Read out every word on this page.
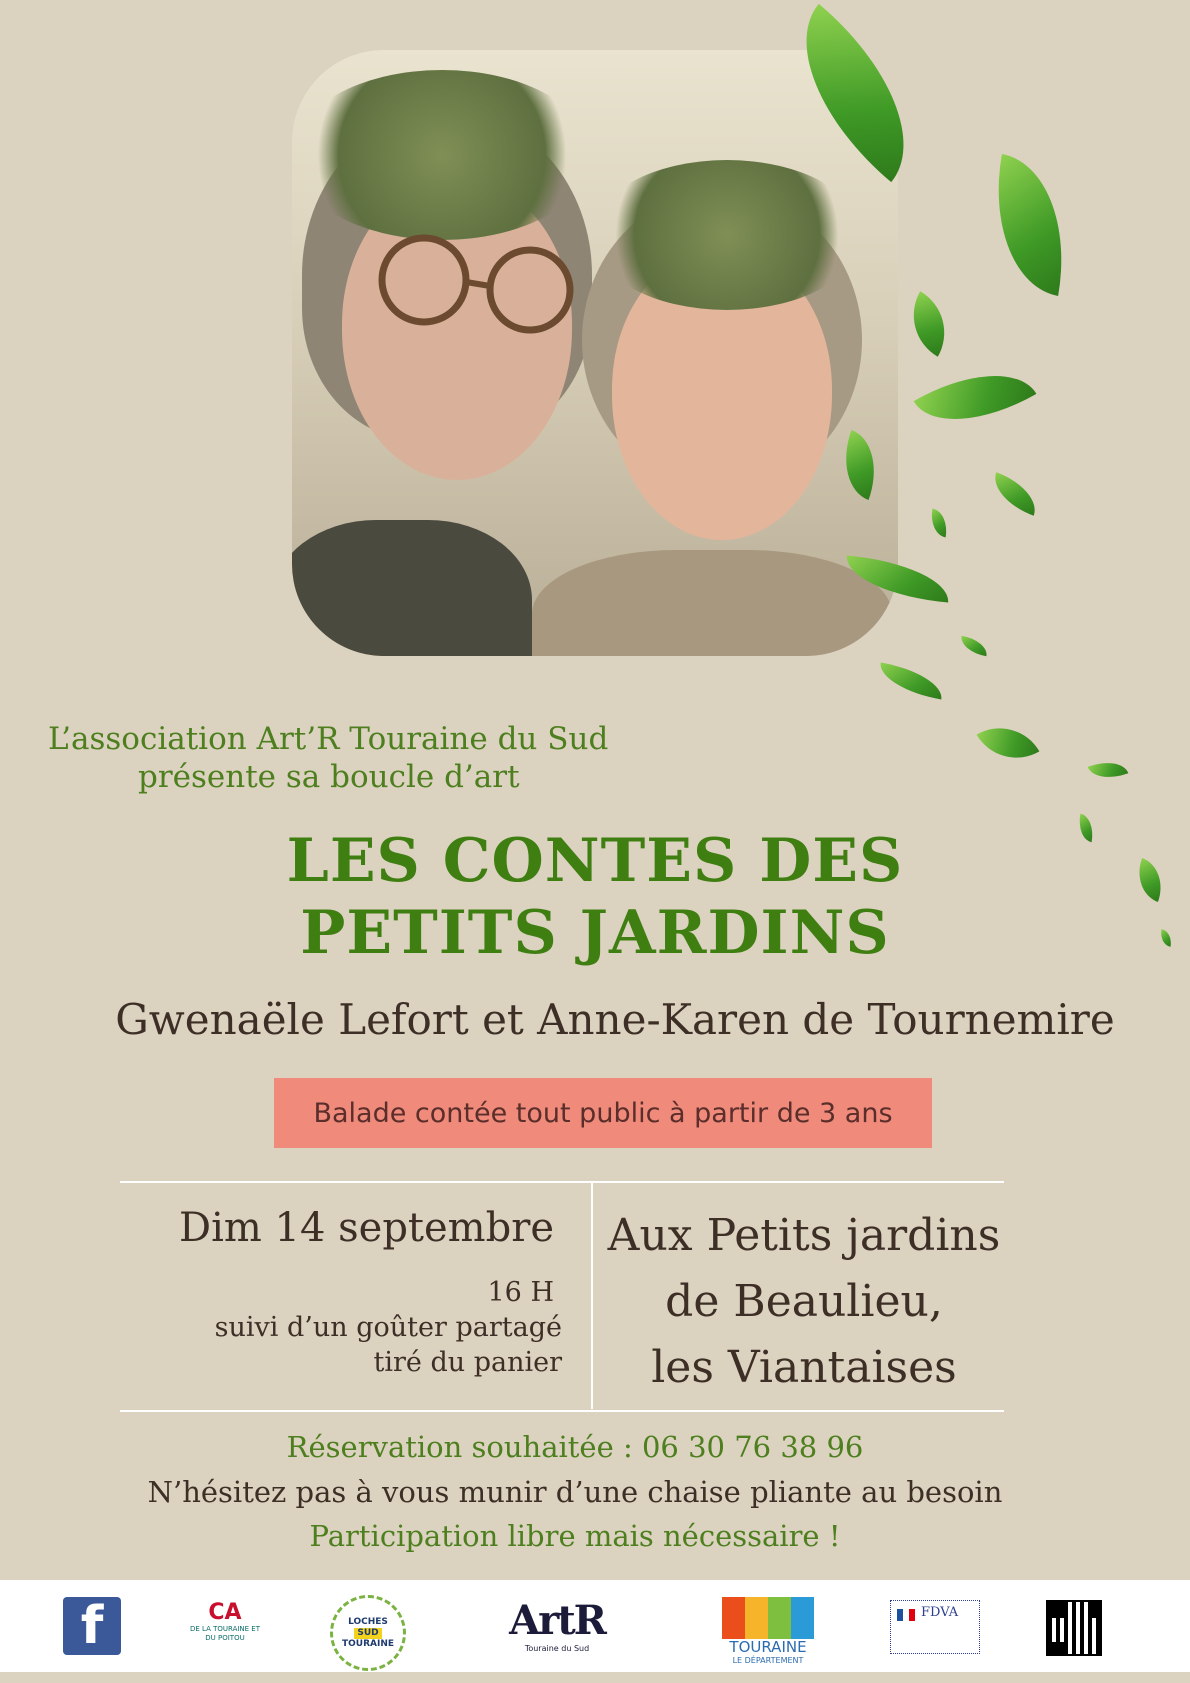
L’association Art’R Touraine du Sud
présente sa boucle d’art
LES CONTES DES
PETITS JARDINS
Gwenaële Lefort et Anne-Karen de Tournemire
Balade contée tout public à partir de 3 ans
Dim 14 septembre
16 H
suivi d’un goûter partagé
tiré du panier
Aux Petits jardins
de Beaulieu,
les Viantaises
Réservation souhaitée : 06 30 76 38 96
N’hésitez pas à vous munir d’une chaise pliante au besoin
Participation libre mais nécessaire !
f	CA
DE LA TOURAINE ET DU POITOU
LOCHES
SUD
TOURAINE	ArtR
Touraine du Sud	TOURAINE
LE DÉPARTEMENT
FDVA
